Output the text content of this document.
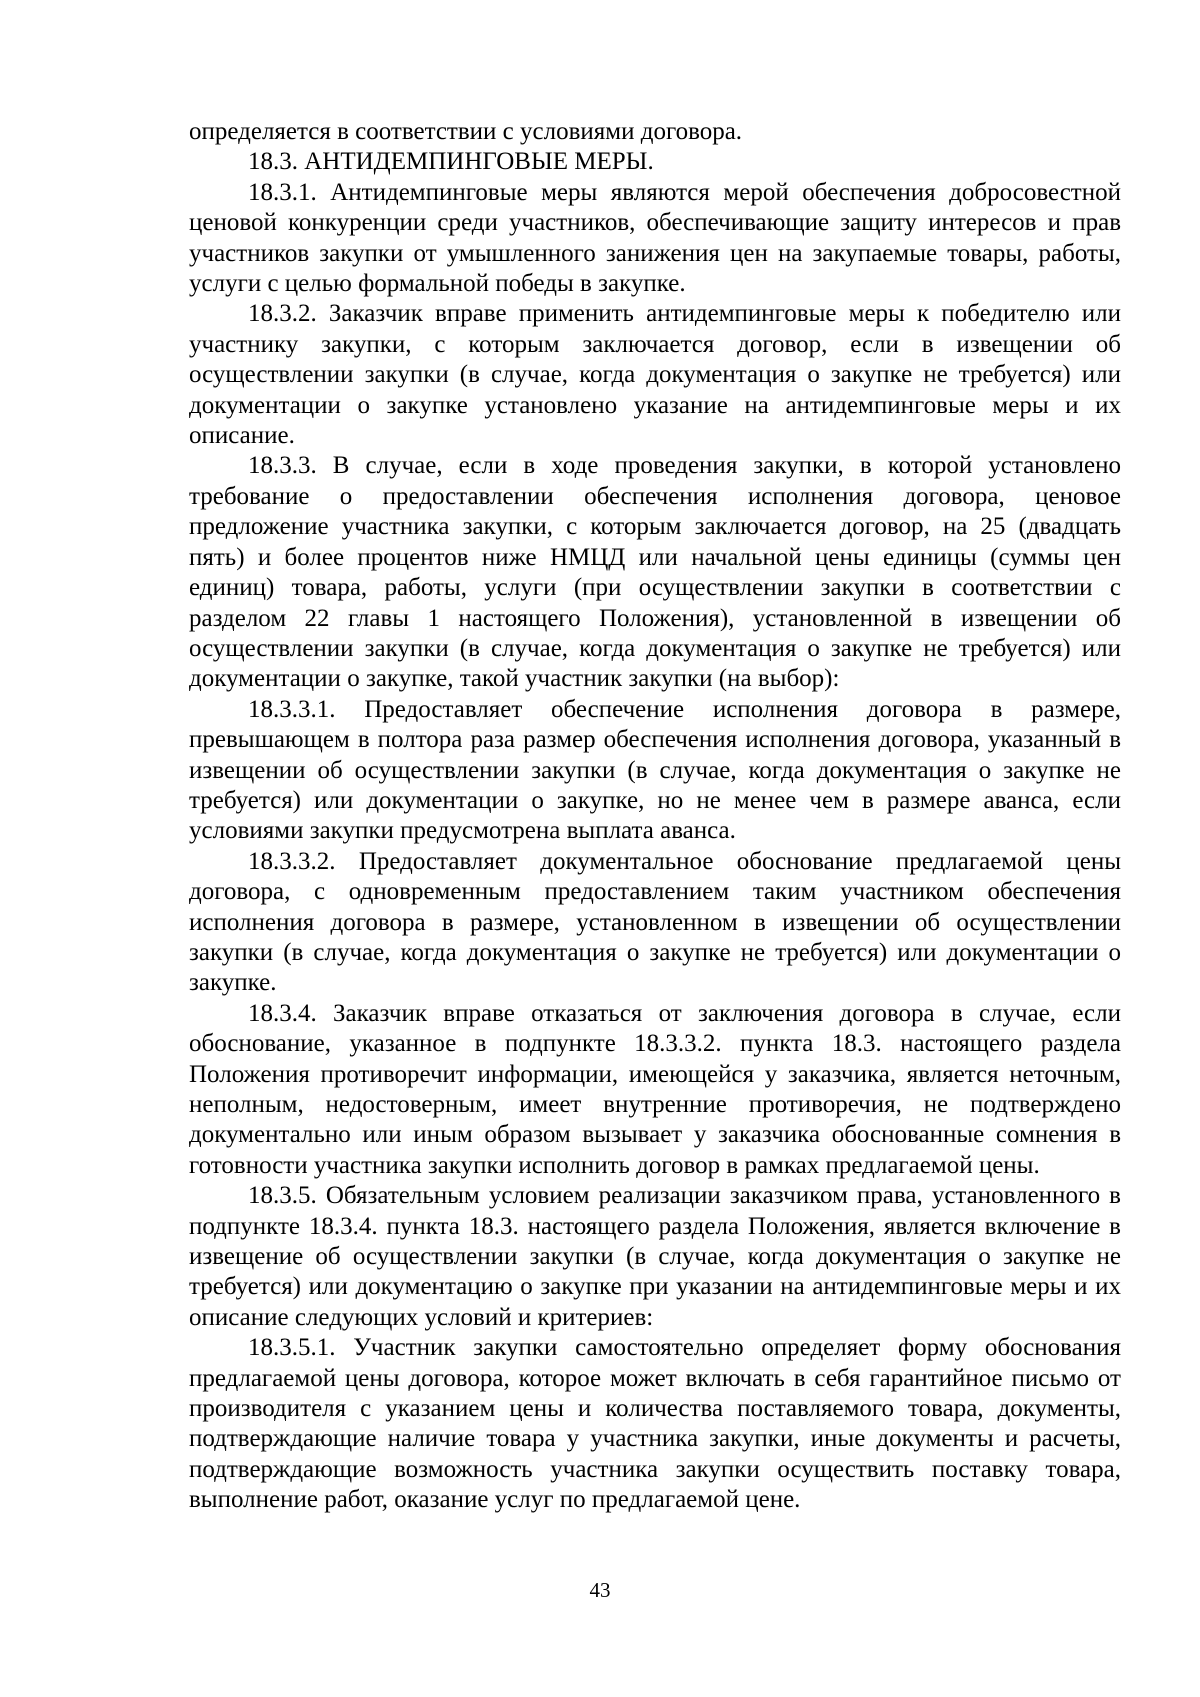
определяется в соответствии с условиями договора.

18.3. АНТИДЕМПИНГОВЫЕ МЕРЫ.

18.3.1. Антидемпинговые меры являются мерой обеспечения добросовестной ценовой конкуренции среди участников, обеспечивающие защиту интересов и прав участников закупки от умышленного занижения цен на закупаемые товары, работы, услуги с целью формальной победы в закупке.

18.3.2. Заказчик вправе применить антидемпинговые меры к победителю или участнику закупки, с которым заключается договор, если в извещении об осуществлении закупки (в случае, когда документация о закупке не требуется) или документации о закупке установлено указание на антидемпинговые меры и их описание.

18.3.3. В случае, если в ходе проведения закупки, в которой установлено требование о предоставлении обеспечения исполнения договора, ценовое предложение участника закупки, с которым заключается договор, на 25 (двадцать пять) и более процентов ниже НМЦД или начальной цены единицы (суммы цен единиц) товара, работы, услуги (при осуществлении закупки в соответствии с разделом 22 главы 1 настоящего Положения), установленной в извещении об осуществлении закупки (в случае, когда документация о закупке не требуется) или документации о закупке, такой участник закупки (на выбор):

18.3.3.1. Предоставляет обеспечение исполнения договора в размере, превышающем в полтора раза размер обеспечения исполнения договора, указанный в извещении об осуществлении закупки (в случае, когда документация о закупке не требуется) или документации о закупке, но не менее чем в размере аванса, если условиями закупки предусмотрена выплата аванса.

18.3.3.2. Предоставляет документальное обоснование предлагаемой цены договора, с одновременным предоставлением таким участником обеспечения исполнения договора в размере, установленном в извещении об осуществлении закупки (в случае, когда документация о закупке не требуется) или документации о закупке.

18.3.4. Заказчик вправе отказаться от заключения договора в случае, если обоснование, указанное в подпункте 18.3.3.2. пункта 18.3. настоящего раздела Положения противоречит информации, имеющейся у заказчика, является неточным, неполным, недостоверным, имеет внутренние противоречия, не подтверждено документально или иным образом вызывает у заказчика обоснованные сомнения в готовности участника закупки исполнить договор в рамках предлагаемой цены.

18.3.5. Обязательным условием реализации заказчиком права, установленного в подпункте 18.3.4. пункта 18.3. настоящего раздела Положения, является включение в извещение об осуществлении закупки (в случае, когда документация о закупке не требуется) или документацию о закупке при указании на антидемпинговые меры и их описание следующих условий и критериев:

18.3.5.1. Участник закупки самостоятельно определяет форму обоснования предлагаемой цены договора, которое может включать в себя гарантийное письмо от производителя с указанием цены и количества поставляемого товара, документы, подтверждающие наличие товара у участника закупки, иные документы и расчеты, подтверждающие возможность участника закупки осуществить поставку товара, выполнение работ, оказание услуг по предлагаемой цене.

43
